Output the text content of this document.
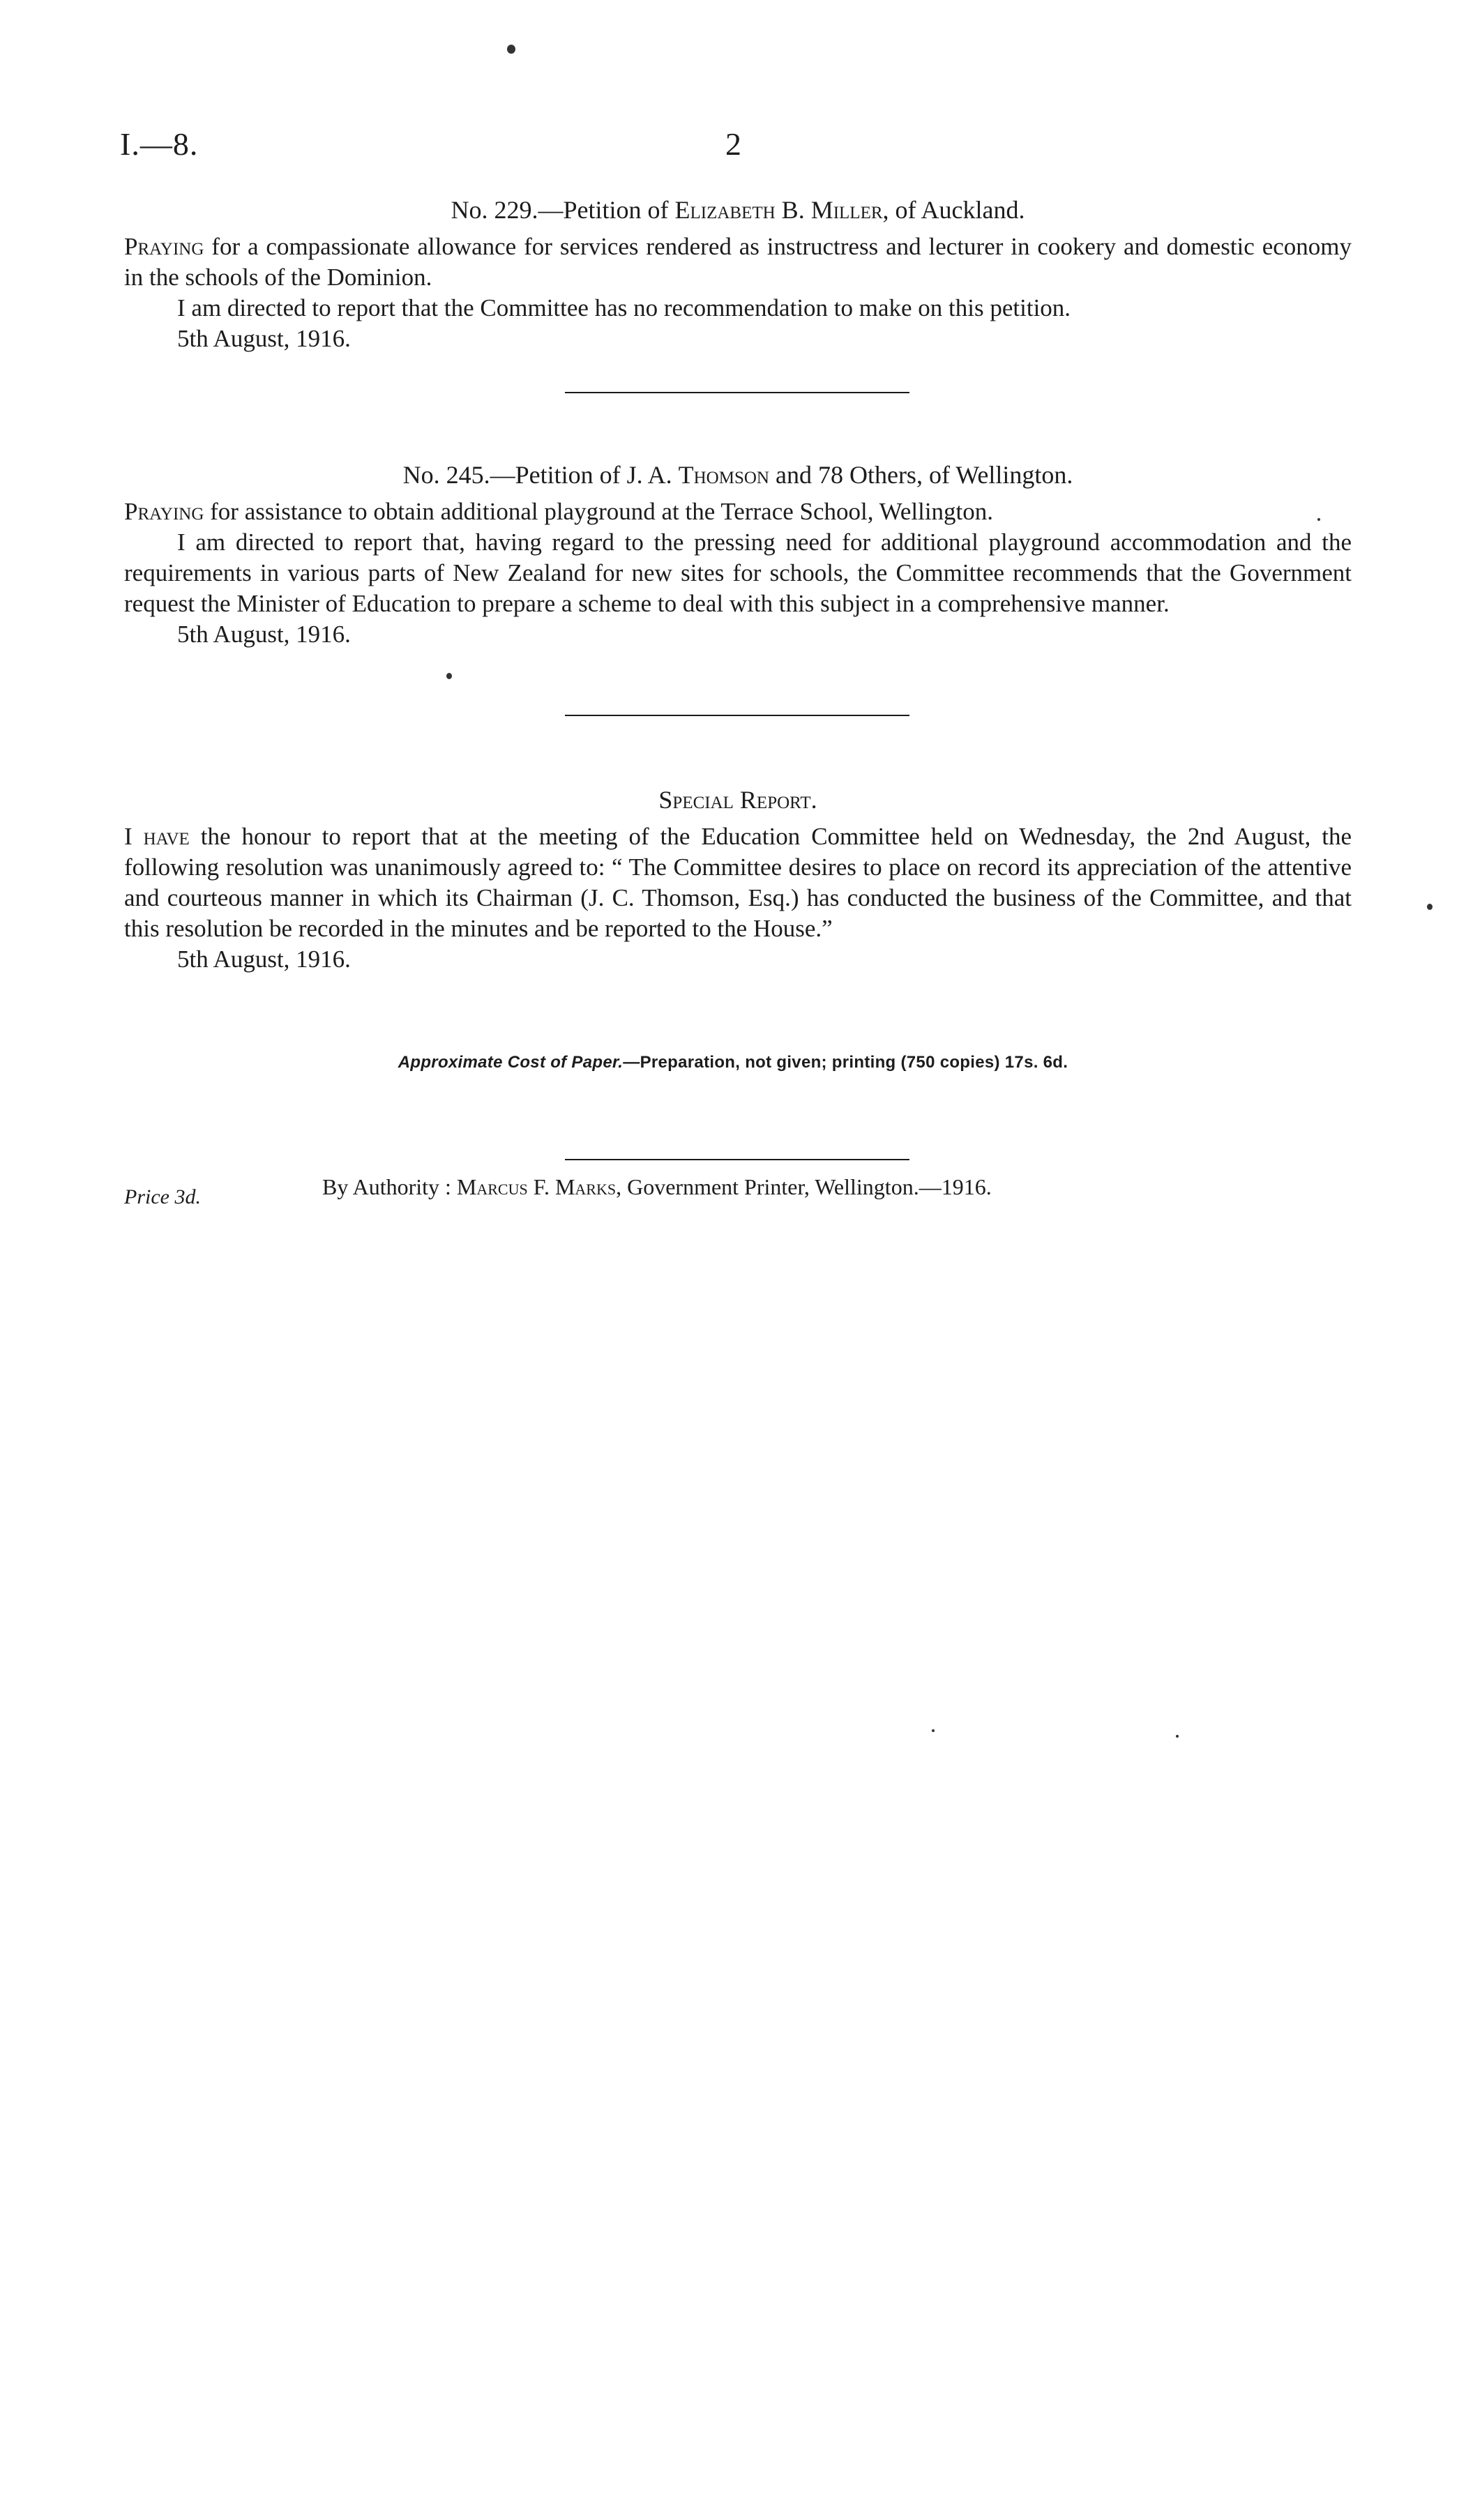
I.—8.	2

No. 229.—Petition of Elizabeth B. Miller, of Auckland.

Praying for a compassionate allowance for services rendered as instructress and lecturer in cookery and domestic economy in the schools of the Dominion.

I am directed to report that the Committee has no recommendation to make on this petition.

5th August, 1916.

No. 245.—Petition of J. A. Thomson and 78 Others, of Wellington.

Praying for assistance to obtain additional playground at the Terrace School, Wellington.

I am directed to report that, having regard to the pressing need for additional playground accommodation and the requirements in various parts of New Zealand for new sites for schools, the Committee recommends that the Government request the Minister of Education to prepare a scheme to deal with this subject in a comprehensive manner.

5th August, 1916.

Special Report.

I have the honour to report that at the meeting of the Education Committee held on Wednesday, the 2nd August, the following resolution was unanimously agreed to: “ The Committee desires to place on record its appreciation of the attentive and courteous manner in which its Chairman (J. C. Thomson, Esq.) has conducted the business of the Committee, and that this resolution be recorded in the minutes and be reported to the House.”

5th August, 1916.

Approximate Cost of Paper.—Preparation, not given; printing (750 copies) 17s. 6d.
Price 3d.	By Authority : Marcus F. Marks, Government Printer, Wellington.—1916.
